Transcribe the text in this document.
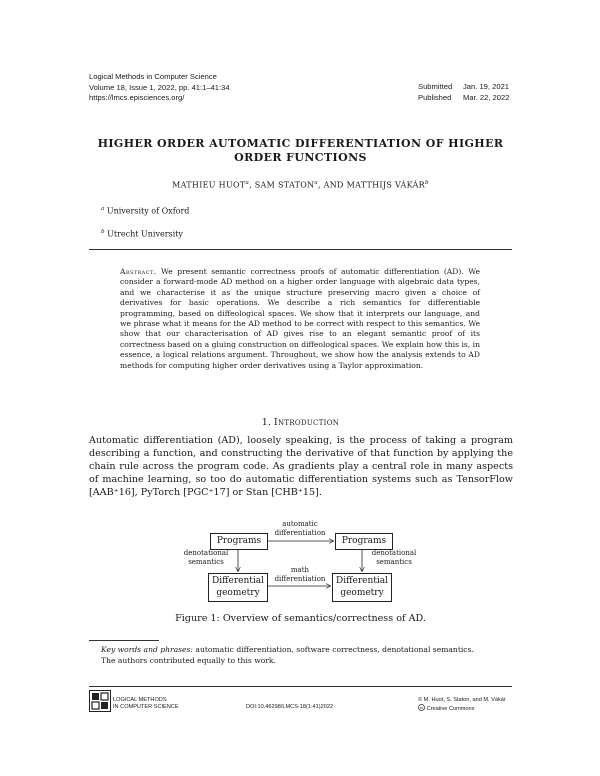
Logical Methods in Computer Science
Volume 18, Issue 1, 2022, pp. 41:1–41:34
https://lmcs.episciences.org/
Submitted Jan. 19, 2021
Published Mar. 22, 2022
HIGHER ORDER AUTOMATIC DIFFERENTIATION OF HIGHER
ORDER FUNCTIONS
MATHIEU HUOT$^a$, SAM STATON$^a$, AND MATTHIJS VÁKÁR$^b$
$^a$ University of Oxford
$^b$ Utrecht University
Abstract. We present semantic correctness proofs of automatic differentiation (AD). We consider a forward-mode AD method on a higher order language with algebraic data types, and we characterise it as the unique structure preserving macro given a choice of derivatives for basic operations. We describe a rich semantics for differentiable programming, based on diffeological spaces. We show that it interprets our language, and we phrase what it means for the AD method to be correct with respect to this semantics. We show that our characterisation of AD gives rise to an elegant semantic proof of its correctness based on a gluing construction on diffeological spaces. We explain how this is, in essence, a logical relations argument. Throughout, we show how the analysis extends to AD methods for computing higher order derivatives using a Taylor approximation.
1. Introduction
Automatic differentiation (AD), loosely speaking, is the process of taking a program describing a function, and constructing the derivative of that function by applying the chain rule across the program code. As gradients play a central role in many aspects of machine learning, so too do automatic differentiation systems such as TensorFlow [AAB⁺16], PyTorch [PGC⁺17] or Stan [CHB⁺15].
Programs	Programs
Differential
geometry
Differential
geometry
automatic
differentiation
denotational
semantics
denotational
semantics
math
differentiation
Figure 1: Overview of semantics/correctness of AD.
Key words and phrases: automatic differentiation, software correctness, denotational semantics.
The authors contributed equally to this work.
LOGICAL METHODS
IN COMPUTER SCIENCE	DOI:10.46298/LMCS-18(1:41)2022
© M. Huot, S. Staton, and M. Vákár
cc Creative Commons
